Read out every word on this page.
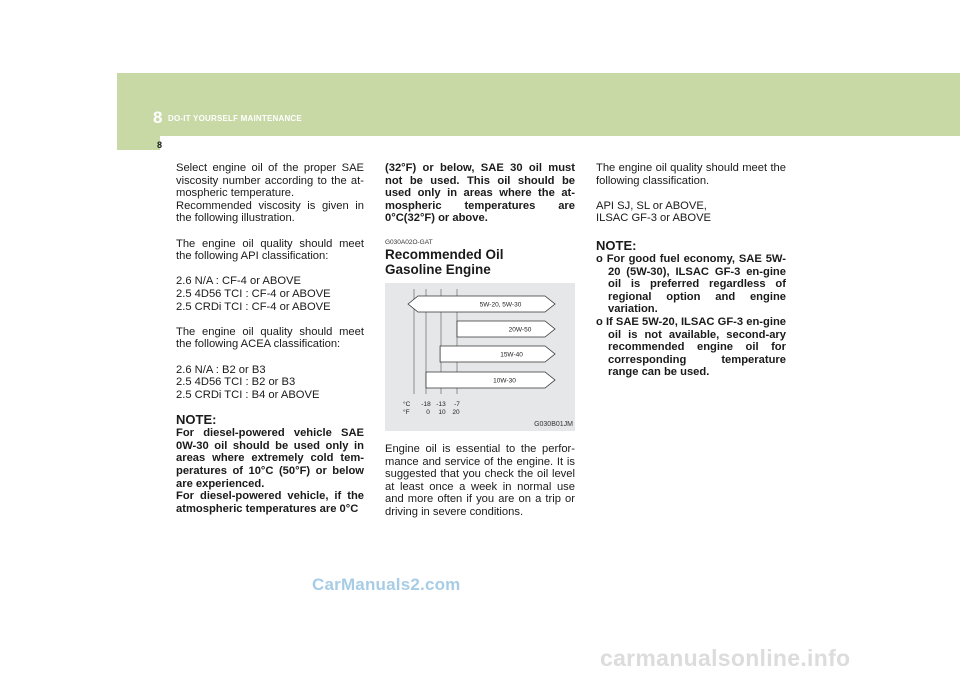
8 DO-IT YOURSELF MAINTENANCE
8

Select engine oil of the proper SAE viscosity number according to the at-mospheric temperature.

Recommended viscosity is given in the following illustration.

The engine oil quality should meet the following API classification:

2.6 N/A : CF-4 or ABOVE

2.5 4D56 TCI : CF-4 or ABOVE

2.5 CRDi TCI : CF-4 or ABOVE

The engine oil quality should meet the following ACEA classification:

2.6 N/A : B2 or B3

2.5 4D56 TCI : B2 or B3

2.5 CRDi TCI : B4 or ABOVE

NOTE:

For diesel-powered vehicle SAE 0W-30 oil should be used only in areas where extremely cold tem-peratures of 10°C (50°F) or below are experienced.

For diesel-powered vehicle, if the atmospheric temperatures are 0°C

(32°F) or below, SAE 30 oil must not be used. This oil should be used only in areas where the at-mospheric temperatures are 0°C(32°F) or above.

G030A02O-GAT

Recommended Oil

Gasoline Engine

5W-20, 5W-30
20W-50
15W-40
10W-30
°C
°F
-18 -13 -7
0 10 20
G030B01JM

Engine oil is essential to the perfor-mance and service of the engine. It is suggested that you check the oil level at least once a week in normal use and more often if you are on a trip or driving in severe conditions.

The engine oil quality should meet the following classification.

API SJ, SL or ABOVE,

ILSAC GF-3 or ABOVE

NOTE:

o For good fuel economy, SAE 5W-20 (5W-30), ILSAC GF-3 en-gine oil is preferred regardless of regional option and engine variation.

o If SAE 5W-20, ILSAC GF-3 en-gine oil is not available, second-ary recommended engine oil for corresponding temperature range can be used.

CarManuals2.com
carmanualsonline.info
